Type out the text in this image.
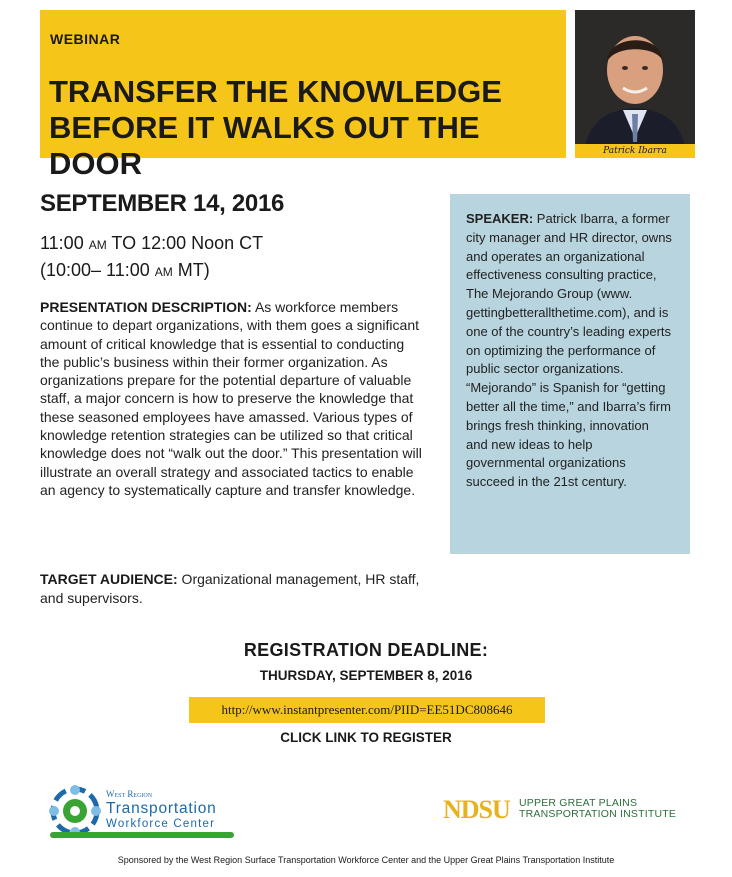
WEBINAR
TRANSFER THE KNOWLEDGE BEFORE IT WALKS OUT THE DOOR	Patrick Ibarra
SEPTEMBER 14, 2016
11:00 AM TO 12:00 Noon CT
(10:00– 11:00 AM MT)
PRESENTATION DESCRIPTION: As workforce members continue to depart organizations, with them goes a significant amount of critical knowledge that is essential to conducting the public’s business within their former organization. As organizations prepare for the potential departure of valuable staff, a major concern is how to preserve the knowledge that these seasoned employees have amassed. Various types of knowledge retention strategies can be utilized so that critical knowledge does not “walk out the door.” This presentation will illustrate an overall strategy and associated tactics to enable an agency to systematically capture and transfer knowledge.
TARGET AUDIENCE: Organizational management, HR staff, and supervisors.
SPEAKER: Patrick Ibarra, a former city manager and HR director, owns and operates an organizational effectiveness consulting practice, The Mejorando Group (www. gettingbetterallthetime.com), and is one of the country’s leading experts on optimizing the performance of public sector organizations. “Mejorando” is Spanish for “getting better all the time,” and Ibarra’s firm brings fresh thinking, innovation and new ideas to help governmental organizations succeed in the 21st century.
REGISTRATION DEADLINE:
THURSDAY, SEPTEMBER 8, 2016
http://www.instantpresenter.com/PIID=EE51DC808646
CLICK LINK TO REGISTER
West Region
Transportation
Workforce Center	NDSU UPPER GREAT PLAINS
TRANSPORTATION INSTITUTE
Sponsored by the West Region Surface Transportation Workforce Center and the Upper Great Plains Transportation Institute
